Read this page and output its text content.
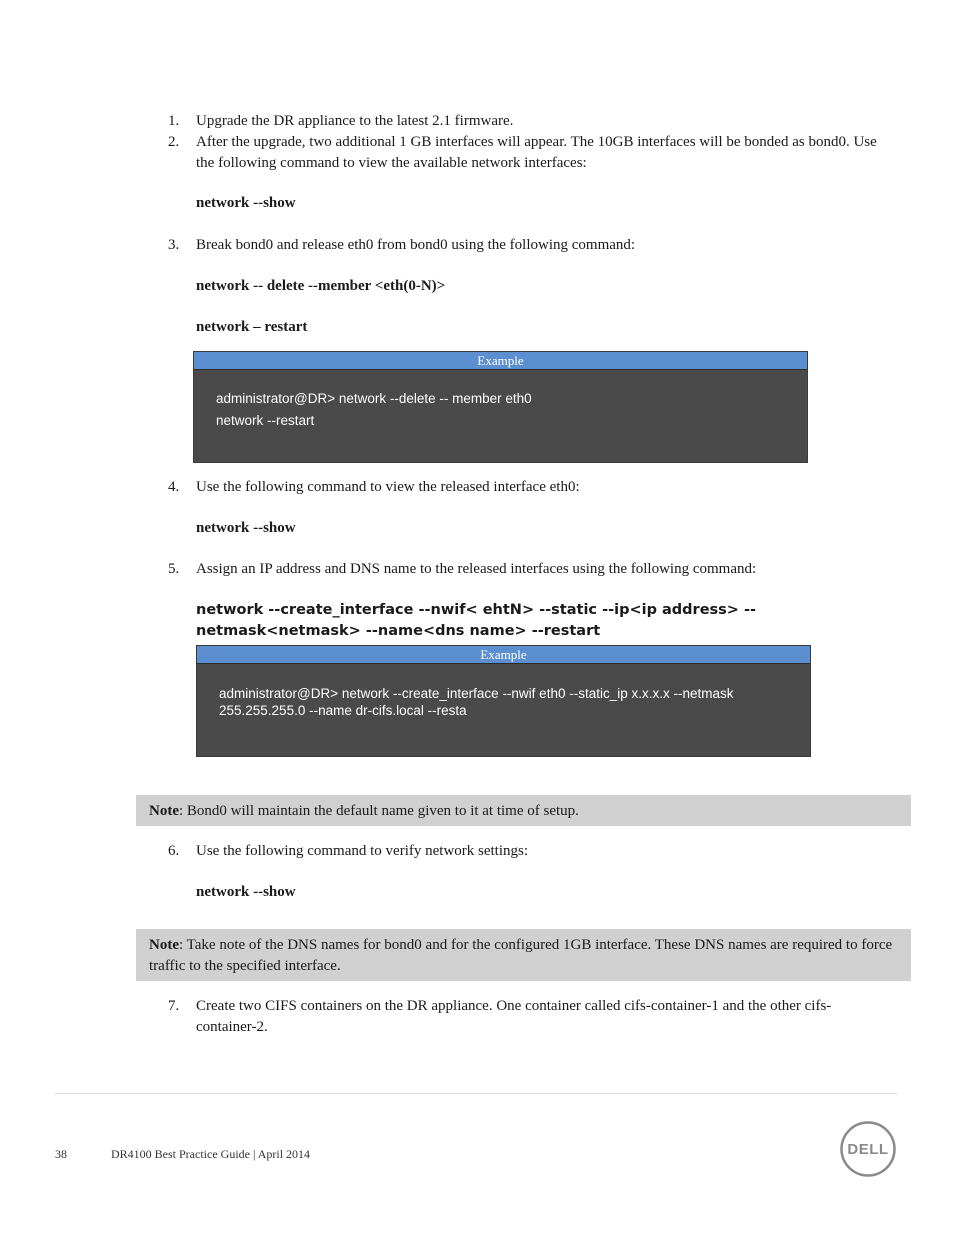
1.	Upgrade the DR appliance to the latest 2.1 firmware.
2.	After the upgrade, two additional 1 GB interfaces will appear. The 10GB interfaces will be bonded as bond0. Use the following command to view the available network interfaces:
network --show
3.	Break bond0 and release eth0 from bond0 using the following command:
network -- delete --member <eth(0-N)>
network – restart
Example
administrator@DR> network --delete -- member eth0
network --restart
4.	Use the following command to view the released interface eth0:
network --show
5.	Assign an IP address and DNS name to the released interfaces using the following command:
network --create_interface --nwif< ehtN> --static --ip<ip address> --netmask<netmask> --name<dns name> --restart
Example
administrator@DR> network --create_interface --nwif eth0 --static_ip x.x.x.x --netmask
255.255.255.0 --name dr-cifs.local --resta
Note: Bond0 will maintain the default name given to it at time of setup.
6.	Use the following command to verify network settings:
network --show
Note: Take note of the DNS names for bond0 and for the configured 1GB interface. These DNS names are required to force traffic to the specified interface.
7.	Create two CIFS containers on the DR appliance. One container called cifs-container-1 and the other cifs-container-2.
38	DR4100 Best Practice Guide | April 2014	DELL
